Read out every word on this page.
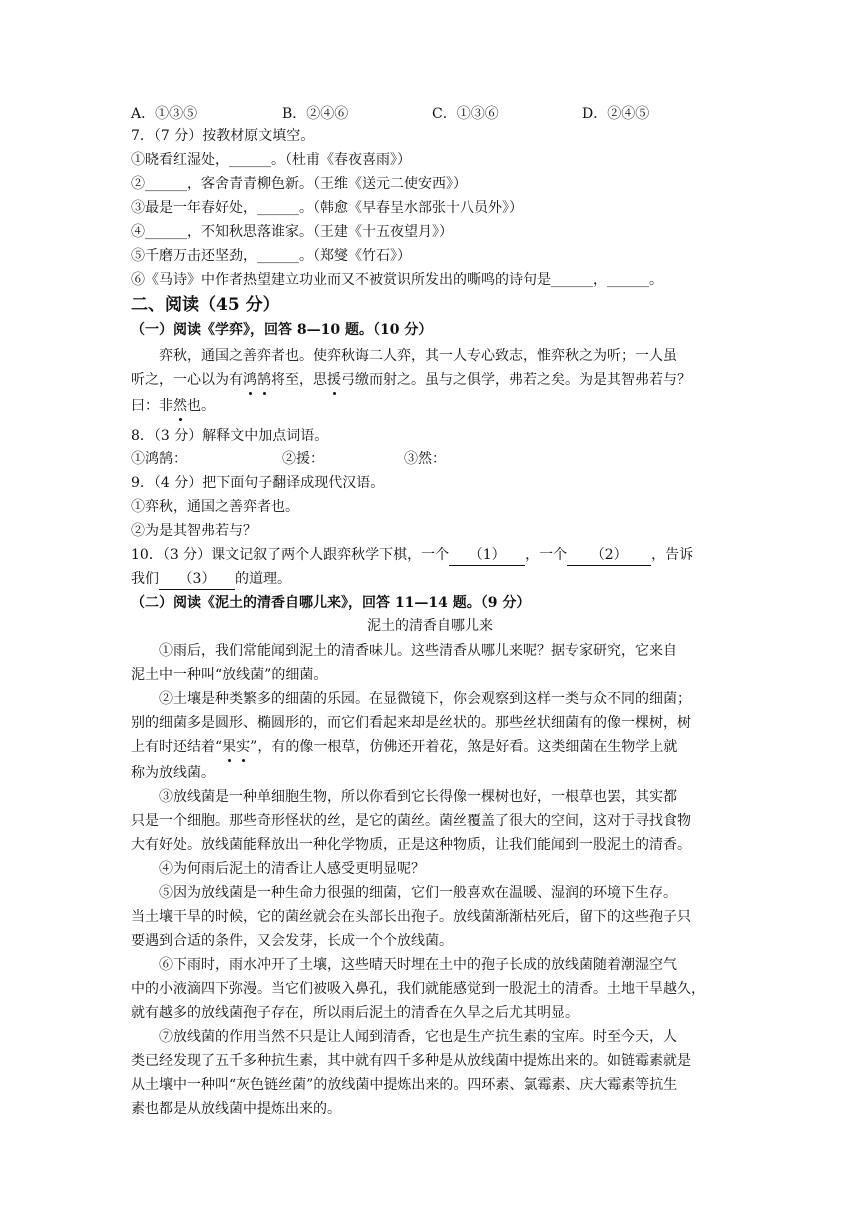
A．①③⑤	B．②④⑥	C．①③⑥	D．②④⑤
7．（7 分）按教材原文填空。
①晓看红湿处，______。（杜甫《春夜喜雨》）
②______，客舍青青柳色新。（王维《送元二使安西》）
③最是一年春好处，______。（韩愈《早春呈水部张十八员外》）
④______，不知秋思落谁家。（王建《十五夜望月》）
⑤千磨万击还坚劲，______。（郑燮《竹石》）
⑥《马诗》中作者热望建立功业而又不被赏识所发出的嘶鸣的诗句是______，______。
二、阅读（45 分）
（一）阅读《学弈》，回答 8—10 题。（10 分）
弈秋，通国之善弈者也。使弈秋诲二人弈，其一人专心致志，惟弈秋之为听；一人虽
听之，一心以为有鸿鹄将至，思援弓缴而射之。虽与之俱学，弗若之矣。为是其智弗若与？
曰：非然也。
8．（3 分）解释文中加点词语。
①鸿鹄：	②援：	③然：
9．（4 分）把下面句子翻译成现代汉语。
①弈秋，通国之善弈者也。
②为是其智弗若与？
10．（3 分）课文记叙了两个人跟弈秋学下棋，一个 （1） ，一个 （2） ，告诉
我们 （3） 的道理。
（二）阅读《泥土的清香自哪儿来》，回答 11—14 题。（9 分）
泥土的清香自哪儿来
①雨后，我们常能闻到泥土的清香味儿。这些清香从哪儿来呢？据专家研究，它来自
泥土中一种叫“放线菌”的细菌。
②土壤是种类繁多的细菌的乐园。在显微镜下，你会观察到这样一类与众不同的细菌；
别的细菌多是圆形、椭圆形的，而它们看起来却是丝状的。那些丝状细菌有的像一棵树，树
上有时还结着“果实”，有的像一根草，仿佛还开着花，煞是好看。这类细菌在生物学上就
称为放线菌。
③放线菌是一种单细胞生物，所以你看到它长得像一棵树也好，一根草也罢，其实都
只是一个细胞。那些奇形怪状的丝，是它的菌丝。菌丝覆盖了很大的空间，这对于寻找食物
大有好处。放线菌能释放出一种化学物质，正是这种物质，让我们能闻到一股泥土的清香。
④为何雨后泥土的清香让人感受更明显呢？
⑤因为放线菌是一种生命力很强的细菌，它们一般喜欢在温暖、湿润的环境下生存。
当土壤干旱的时候，它的菌丝就会在头部长出孢子。放线菌渐渐枯死后，留下的这些孢子只
要遇到合适的条件，又会发芽，长成一个个放线菌。
⑥下雨时，雨水冲开了土壤，这些晴天时埋在土中的孢子长成的放线菌随着潮湿空气
中的小液滴四下弥漫。当它们被吸入鼻孔，我们就能感觉到一股泥土的清香。土地干旱越久，
就有越多的放线菌孢子存在，所以雨后泥土的清香在久旱之后尤其明显。
⑦放线菌的作用当然不只是让人闻到清香，它也是生产抗生素的宝库。时至今天，人
类已经发现了五千多种抗生素，其中就有四千多种是从放线菌中提炼出来的。如链霉素就是
从土壤中一种叫“灰色链丝菌”的放线菌中提炼出来的。四环素、氯霉素、庆大霉素等抗生
素也都是从放线菌中提炼出来的。
